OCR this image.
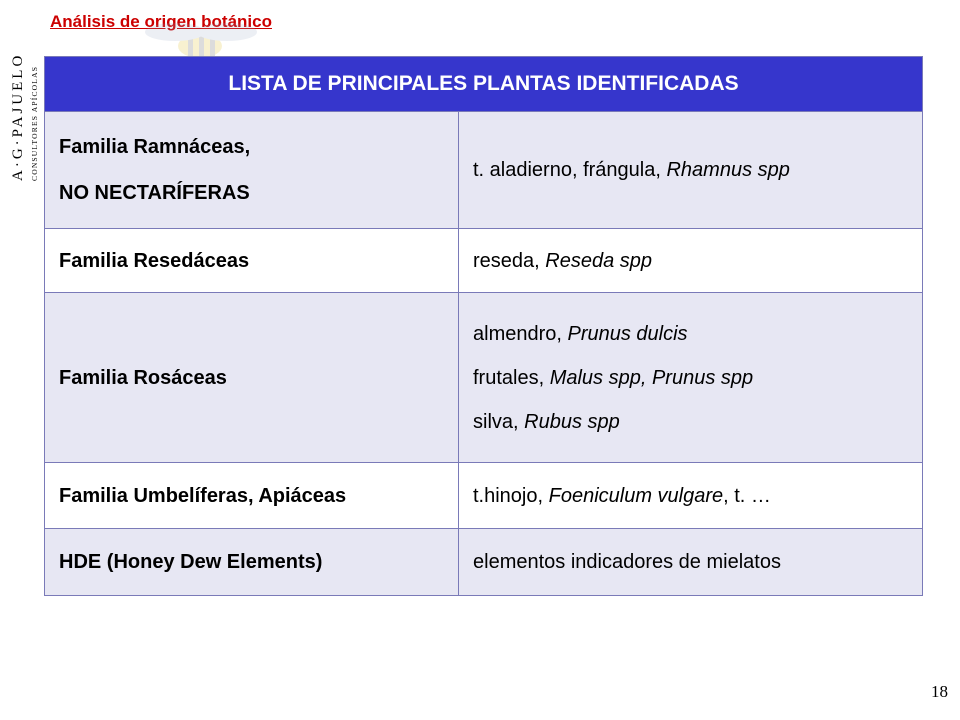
Análisis de origen botánico
A·G·PAJUELO CONSULTORES APÍCOLAS	LISTA DE PRINCIPALES PLANTAS IDENTIFICADAS	

Familia Ramnáceas,
NO NECTARÍFERAS	t. aladierno, frángula, Rhamnus spp

Familia Resedáceas	reseda, Reseda spp

Familia Rosáceas	almendro, Prunus dulcis
frutales, Malus spp, Prunus spp
silva, Rubus spp

Familia Umbelíferas, Apiáceas	t.hinojo, Foeniculum vulgare, t. …

HDE (Honey Dew Elements)	elementos indicadores de mielatos
18
